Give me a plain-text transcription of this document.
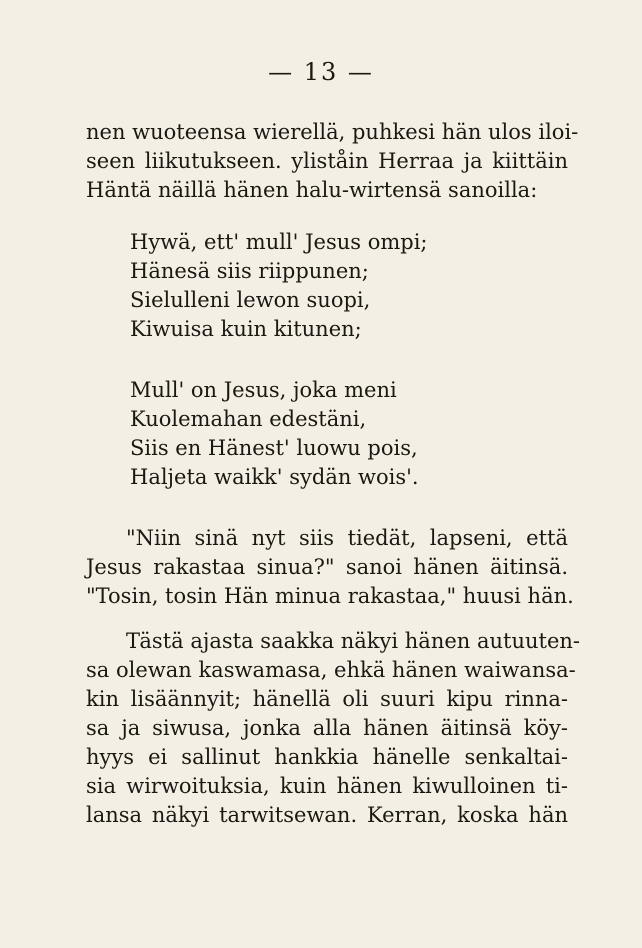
— 13 —
nen wuoteensa wierellä, puhkesi hän ulos iloi-
seen liikutukseen. yliståin Herraa ja kiittäin
Häntä näillä hänen halu-wirtensä sanoilla:
Hywä, ett' mull' Jesus ompi;
Hänesä siis riippunen;
Sielulleni lewon suopi,
Kiwuisa kuin kitunen;
Mull' on Jesus, joka meni
Kuolemahan edestäni,
Siis en Hänest' luowu pois,
Haljeta waikk' sydän wois'.
"Niin sinä nyt siis tiedät, lapseni, että
Jesus rakastaa sinua?" sanoi hänen äitinsä.
"Tosin, tosin Hän minua rakastaa," huusi hän.
Tästä ajasta saakka näkyi hänen autuuten-
sa olewan kaswamasa, ehkä hänen waiwansa-
kin lisäännyit; hänellä oli suuri kipu rinna-
sa ja siwusa, jonka alla hänen äitinsä köy-
hyys ei sallinut hankkia hänelle senkaltai-
sia wirwoituksia, kuin hänen kiwulloinen ti-
lansa näkyi tarwitsewan. Kerran, koska hän
